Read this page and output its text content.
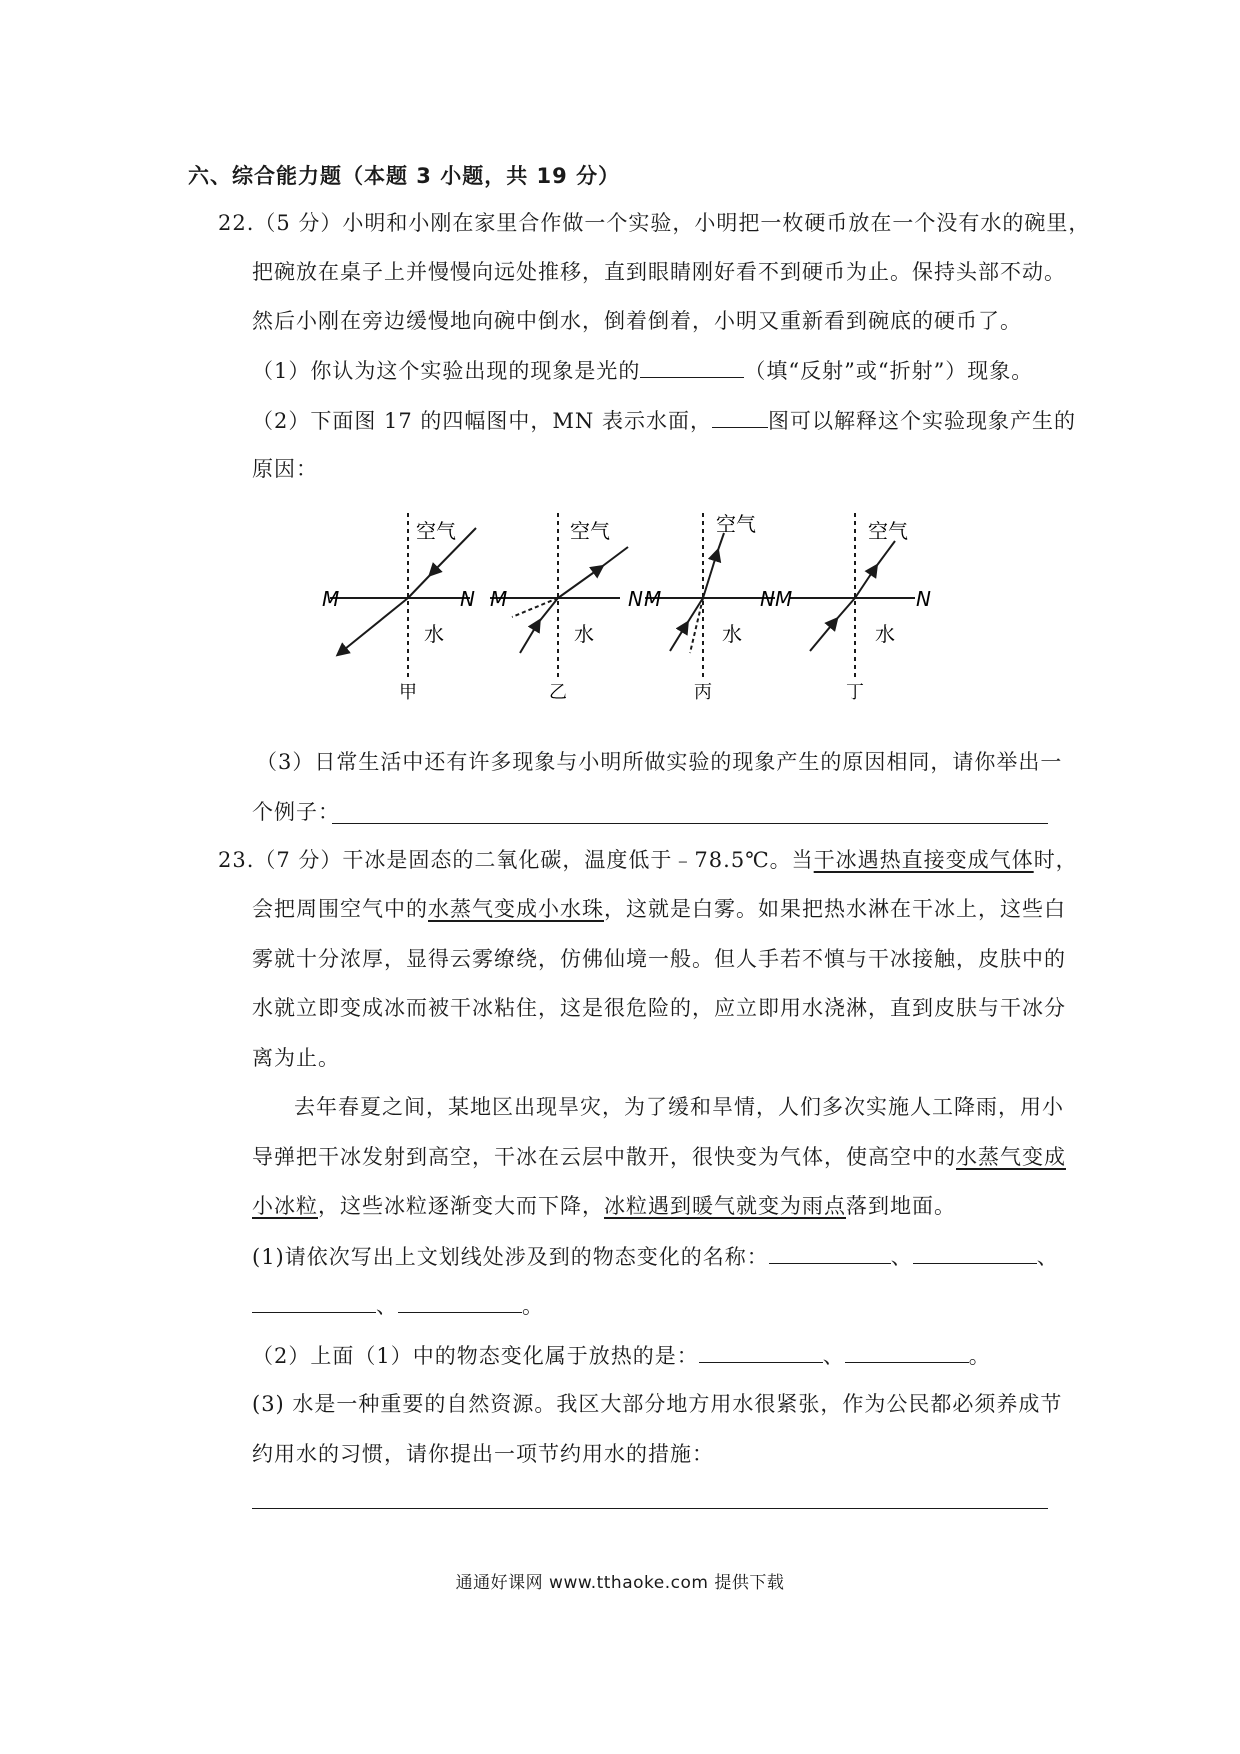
六、综合能力题（本题 3 小题，共 19 分）
22.（5 分）小明和小刚在家里合作做一个实验，小明把一枚硬币放在一个没有水的碗里，
把碗放在桌子上并慢慢向远处推移，直到眼睛刚好看不到硬币为止。保持头部不动。
然后小刚在旁边缓慢地向碗中倒水，倒着倒着，小明又重新看到碗底的硬币了。
（1）你认为这个实验出现的现象是光的	（填“反射”或“折射”）现象。
（2）下面图 17 的四幅图中，MN 表示水面，	图可以解释这个实验现象产生的
原因：
M	N
空气
水
甲
M
空气
水
乙
N M
空气
水
丙
N M	N
空气
水
丁
（3）日常生活中还有许多现象与小明所做实验的现象产生的原因相同，请你举出一
个例子：
23.（7 分）干冰是固态的二氧化碳，温度低于﹣78.5℃。当干冰遇热直接变成气体时，
会把周围空气中的水蒸气变成小水珠，这就是白雾。如果把热水淋在干冰上，这些白
雾就十分浓厚，显得云雾缭绕，仿佛仙境一般。但人手若不慎与干冰接触，皮肤中的
水就立即变成冰而被干冰粘住，这是很危险的，应立即用水浇淋，直到皮肤与干冰分
离为止。
去年春夏之间，某地区出现旱灾，为了缓和旱情，人们多次实施人工降雨，用小
导弹把干冰发射到高空，干冰在云层中散开，很快变为气体，使高空中的水蒸气变成
小冰粒，这些冰粒逐渐变大而下降，冰粒遇到暖气就变为雨点落到地面。
(1)请依次写出上文划线处涉及到的物态变化的名称：	、	、
、	。
（2）上面（1）中的物态变化属于放热的是：	、	。
(3) 水是一种重要的自然资源。我区大部分地方用水很紧张，作为公民都必须养成节
约用水的习惯，请你提出一项节约用水的措施：
通通好课网 www.tthaoke.com 提供下载
